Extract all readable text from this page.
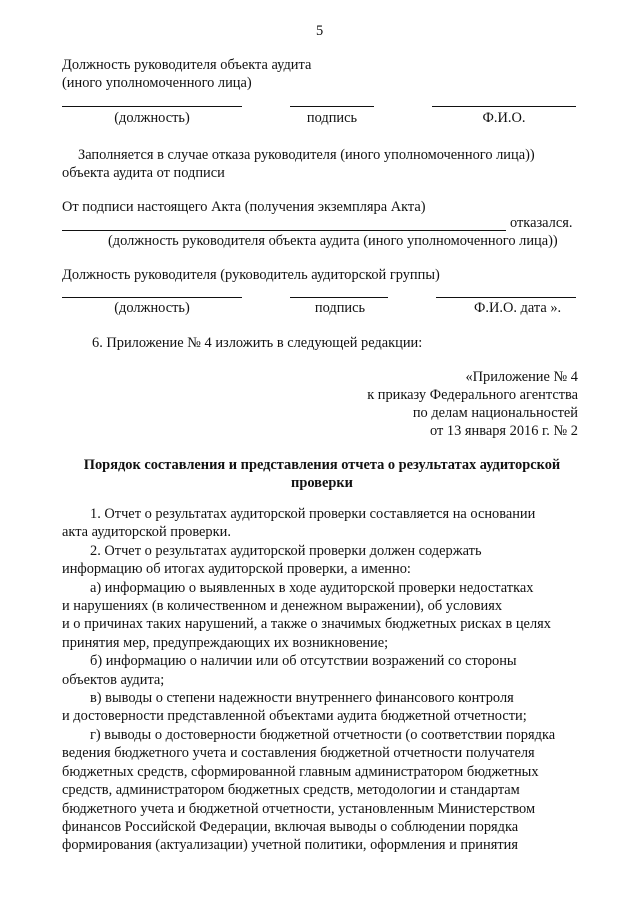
5
Должность руководителя объекта аудита
(иного уполномоченного лица)
(должность)	подпись	Ф.И.О.
Заполняется в случае отказа руководителя (иного уполномоченного лица))
объекта аудита от подписи
От подписи настоящего Акта (получения экземпляра Акта)
отказался.
(должность руководителя объекта аудита (иного уполномоченного лица))
Должность руководителя (руководитель аудиторской группы)
(должность)	подпись	Ф.И.О. дата ».
6. Приложение № 4 изложить в следующей редакции:
«Приложение № 4
к приказу Федерального агентства
по делам национальностей
от 13 января 2016 г. № 2
Порядок составления и представления отчета о результатах аудиторской
проверки
1. Отчет о результатах аудиторской проверки составляется на основании
акта аудиторской проверки.
2. Отчет о результатах аудиторской проверки должен содержать
информацию об итогах аудиторской проверки, а именно:
а) информацию о выявленных в ходе аудиторской проверки недостатках
и нарушениях (в количественном и денежном выражении), об условиях
и о причинах таких нарушений, а также о значимых бюджетных рисках в целях
принятия мер, предупреждающих их возникновение;
б) информацию о наличии или об отсутствии возражений со стороны
объектов аудита;
в) выводы о степени надежности внутреннего финансового контроля
и достоверности представленной объектами аудита бюджетной отчетности;
г) выводы о достоверности бюджетной отчетности (о соответствии порядка
ведения бюджетного учета и составления бюджетной отчетности получателя
бюджетных средств, сформированной главным администратором бюджетных
средств, администратором бюджетных средств, методологии и стандартам
бюджетного учета и бюджетной отчетности, установленным Министерством
финансов Российской Федерации, включая выводы о соблюдении порядка
формирования (актуализации) учетной политики, оформления и принятия
